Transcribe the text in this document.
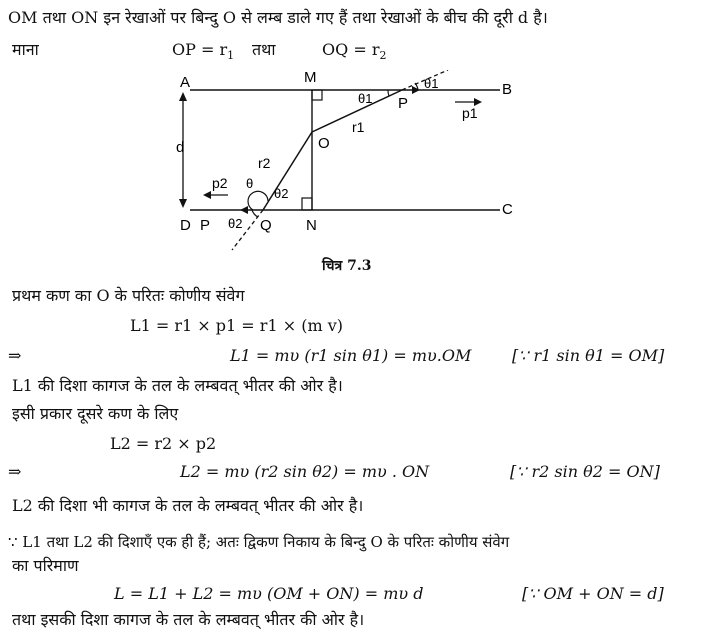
OM तथा ON इन रेखाओं पर बिन्दु O से लम्ब डाले गए हैं तथा रेखाओं के बीच की दूरी d है।
माना	OP = $r_1$ तथा	OQ = $r_2$
A	M
B
P
θ1
θ1
p1
r1
O
d
r2
θ
θ2
p2
D P θ2 Q N
C
चित्र 7.3
प्रथम कण का O के परितः कोणीय संवेग
L1 = r1 × p1 = r1 × (m v)
⇒	L1 = mυ (r1 sin θ1) = mυ.OM	[∵ r1 sin θ1 = OM]
L1 की दिशा कागज के तल के लम्बवत् भीतर की ओर है।
इसी प्रकार दूसरे कण के लिए
L2 = r2 × p2
⇒	L2 = mυ (r2 sin θ2) = mυ . ON	[∵ r2 sin θ2 = ON]
L2 की दिशा भी कागज के तल के लम्बवत् भीतर की ओर है।
∵ L1 तथा L2 की दिशाएँ एक ही हैं; अतः द्विकण निकाय के बिन्दु O के परितः कोणीय संवेग
का परिमाण
L = L1 + L2 = mυ (OM + ON) = mυ d	[∵ OM + ON = d]
तथा इसकी दिशा कागज के तल के लम्बवत् भीतर की ओर है।
